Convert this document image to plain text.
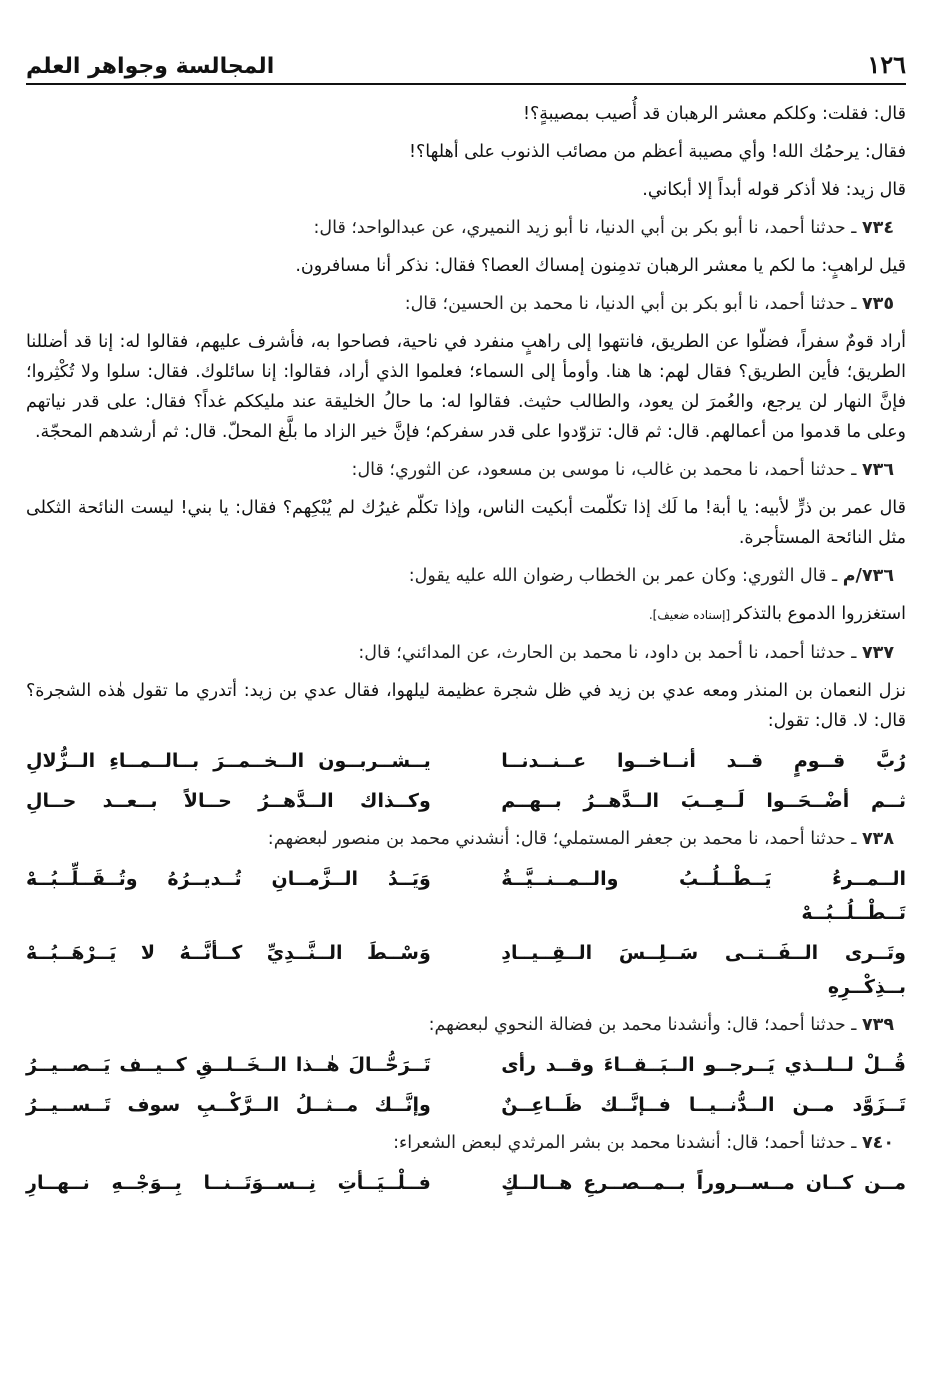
١٢٦
المجالسة وجواهر العلم

قال: فقلت: وكلكم معشر الرهبان قد أُصيب بمصيبةٍ؟!

فقال: يرحمُك الله! وأي مصيبة أعظم من مصائب الذنوب على أهلها؟!

قال زيد: فلا أذكر قوله أبداً إلا أبكاني.

٧٣٤ ـ حدثنا أحمد، نا أبو بكر بن أبي الدنيا، نا أبو زيد النميري، عن عبدالواحد؛ قال:

قيل لراهبٍ: ما لكم يا معشر الرهبان تدمِنون إمساك العصا؟ فقال: نذكر أنا مسافرون.

٧٣٥ ـ حدثنا أحمد، نا أبو بكر بن أبي الدنيا، نا محمد بن الحسين؛ قال:

أراد قومٌ سفراً، فضلّوا عن الطريق، فانتهوا إلى راهبٍ منفرد في ناحية، فصاحوا به، فأشرف عليهم، فقالوا له: إنا قد أضللنا الطريق؛ فأين الطريق؟ فقال لهم: ها هنا. وأومأ إلى السماء؛ فعلموا الذي أراد، فقالوا: إنا سائلوك. فقال: سلوا ولا تُكْثِروا؛ فإنَّ النهار لن يرجع، والعُمرَ لن يعود، والطالب حثيث. فقالوا له: ما حالُ الخليقة عند مليككم غداً؟ فقال: على قدر نياتهم وعلى ما قدموا من أعمالهم. قال: ثم قال: تزوّدوا على قدر سفركم؛ فإنَّ خير الزاد ما بلَّغ المحلّ. قال: ثم أرشدهم المحجّة.

٧٣٦ ـ حدثنا أحمد، نا محمد بن غالب، نا موسى بن مسعود، عن الثوري؛ قال:

قال عمر بن ذرٍّ لأبيه: يا أبة! ما لَك إذا تكلّمت أبكيت الناس، وإذا تكلّم غيرُك لم يُبْكِهم؟ فقال: يا بني! ليست النائحة الثكلى مثل النائحة المستأجرة.

٧٣٦/م ـ قال الثوري: وكان عمر بن الخطاب رضوان الله عليه يقول:

استغزروا الدموع بالتذكر [إسناده ضعيف].

٧٣٧ ـ حدثنا أحمد، نا أحمد بن داود، نا محمد بن الحارث، عن المدائني؛ قال:

نزل النعمان بن المنذر ومعه عدي بن زيد في ظل شجرة عظيمة ليلهوا، فقال عدي بن زيد: أتدري ما تقول هٰذه الشجرة؟ قال: لا. قال: تقول:

رُبَّ قــومٍ قــد أنــاخــوا عــنــدنــا
يــشــربــون الــخــمــرَ بــالــمــاءِ الــزُّلالِ
ثــم أضْــحَــوا لَــعِــبَ الــدَّهــرُ بــهــم
وكــذاك الــدَّهــرُ حــالاً بــعــد حــالِ

٧٣٨ ـ حدثنا أحمد، نا محمد بن جعفر المستملي؛ قال: أنشدني محمد بن منصور لبعضهم:

الــمــرءُ يَــطْــلُــبُ والــمــنــيَّــةُ تَــطْــلُــبُــهْ
وَيَــدُ الــزَّمــانِ تُــديــرُهُ وتُــقَــلِّــبُــهْ
وتَــرى الــفَــتــى سَــلِــسَ الــقِــيــادِ بــذِكْــرِهِ
وَسْــطَ الــنَّــدِيِّ كــأنَّــهُ لا يَــرْهَــبُــهْ

٧٣٩ ـ حدثنا أحمد؛ قال: وأنشدنا محمد بن فضالة النحوي لبعضهم:

قُــلْ لــلــذي يَــرجــو الــبَــقــاءَ وقــد رأى
تَــرَحُّــالَ هٰــذا الــخَــلــقِ كــيــف يَــصــيــرُ
تَــزَوَّد مــن الــدُّنــيــا فــإنَّــك ظَــاعِــنٌ
وإنَّــك مــثــلُ الــرَّكْــبِ سوف تَــســيــرُ

٧٤٠ ـ حدثنا أحمد؛ قال: أنشدنا محمد بن بشر المرثدي لبعض الشعراء:

مــن كــان مــســروراً بــمــصــرعِ هــالــكٍ
فــلْــيَــأتِ نِــســوَتَــنــا بِــوَجْــهِ نــهــارِ
